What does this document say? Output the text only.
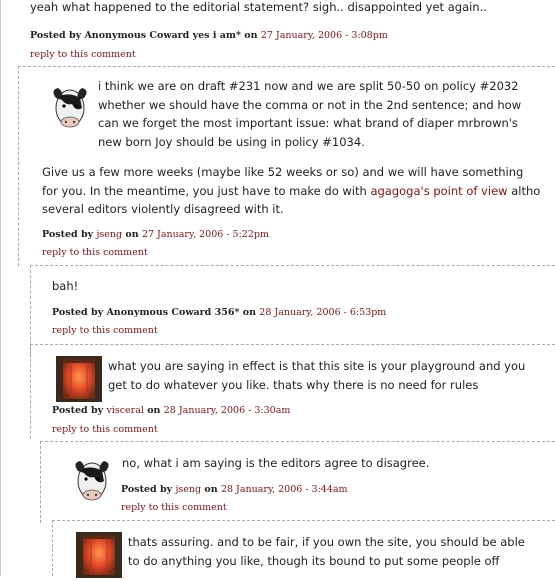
yeah what happened to the editorial statement? sigh.. disappointed yet again..
Posted by Anonymous Coward yes i am* on 27 January, 2006 - 3:08pm
reply to this comment
i think we are on draft #231 now and we are split 50-50 on policy #2032 whether we should have the comma or not in the 2nd sentence; and how can we forget the most important issue: what brand of diaper mrbrown's new born Joy should be using in policy #1034.
Give us a few more weeks (maybe like 52 weeks or so) and we will have something for you. In the meantime, you just have to make do with agagoga's point of view altho several editors violently disagreed with it.
Posted by jseng on 27 January, 2006 - 5:22pm
reply to this comment
bah!
Posted by Anonymous Coward 356* on 28 January, 2006 - 6:53pm
reply to this comment
what you are saying in effect is that this site is your playground and you get to do whatever you like. thats why there is no need for rules
Posted by visceral on 28 January, 2006 - 3:30am
reply to this comment
no, what i am saying is the editors agree to disagree.
Posted by jseng on 28 January, 2006 - 3:44am
reply to this comment
thats assuring. and to be fair, if you own the site, you should be able to do anything you like, though its bound to put some people off
